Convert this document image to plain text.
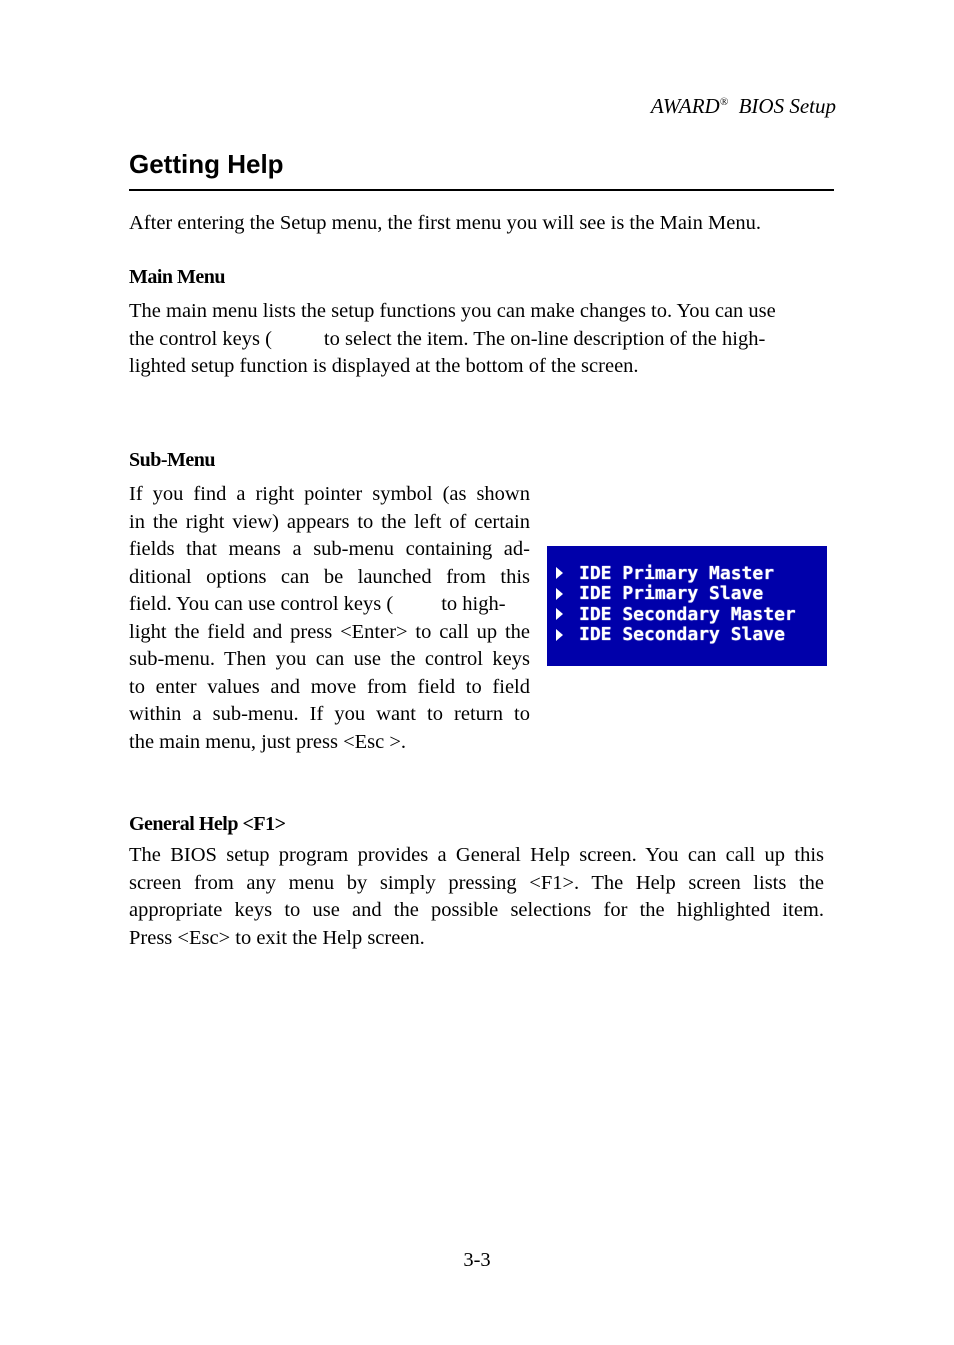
AWARD® BIOS Setup
Getting Help

After entering the Setup menu, the first menu you will see is the Main Menu.

Main Menu
The main menu lists the setup functions you can make changes to. You can use
the control keys (	to select the item. The on-line description of the high-
lighted setup function is displayed at the bottom of the screen.
Sub-Menu
If you find a right pointer symbol (as shown
in the right view) appears to the left of certain
fields that means a sub-menu containing ad-
ditional options can be launched from this
field. You can use control keys ( to high-
light the field and press <Enter> to call up the
sub-menu. Then you can use the control keys
to enter values and move from field to field
within a sub-menu. If you want to return to
the main menu, just press <Esc >.
IDE Primary Master
IDE Primary Slave
IDE Secondary Master
IDE Secondary Slave
General Help <F1>
The BIOS setup program provides a General Help screen. You can call up this
screen from any menu by simply pressing <F1>. The Help screen lists the
appropriate keys to use and the possible selections for the highlighted item.
Press <Esc> to exit the Help screen.
3-3
